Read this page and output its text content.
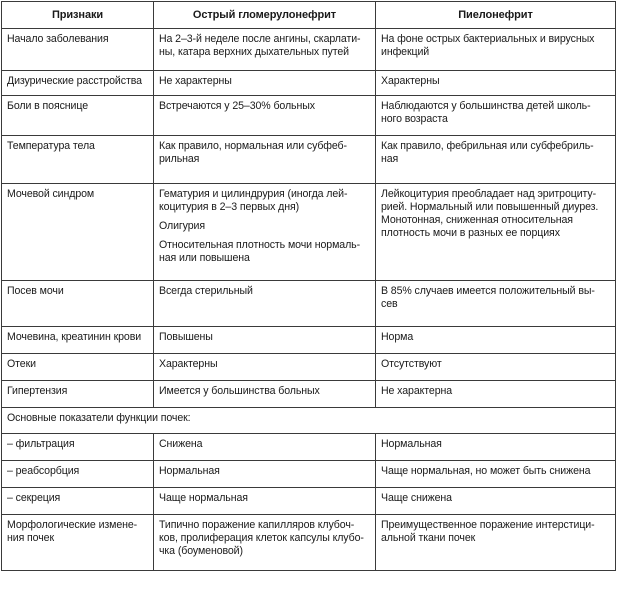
Признаки	Острый гломерулонефрит	Пиелонефрит
Начало заболевания	На 2–3-й неделе после ангины, скарлати-
ны, катара верхних дыхательных путей	На фоне острых бактериальных и вирусных
инфекций

Дизурические расстройства	Не характерны	Характерны
Боли в пояснице	Встречаются у 25–30% больных	Наблюдаются у большинства детей школь-
ного возраста

Температура тела	Как правило, нормальная или субфеб-
рильная	Как правило, фебрильная или субфебриль-
ная

Мочевой синдром	Гематурия и цилиндрурия (иногда лей-
коцитурия в 2–3 первых дня)
Олигурия
Относительная плотность мочи нормаль-
ная или повышена	Лейкоцитурия преобладает над эритроциту-
рией. Нормальный или повышенный диурез.
Монотонная, сниженная относительная
плотность мочи в разных ее порциях

Посев мочи	Всегда стерильный	В 85% случаев имеется положительный вы-
сев

Мочевина, креатинин крови	Повышены	Норма
Отеки	Характерны	Отсутствуют
Гипертензия	Имеется у большинства больных	Не характерна
Основные показатели функции почек:		
– фильтрация	Снижена	Нормальная
– реабсорбция	Нормальная	Чаще нормальная, но может быть снижена
– секреция	Чаще нормальная	Чаще снижена

Морфологические измене-
ния почек	Типично поражение капилляров клубоч-
ков, пролиферация клеток капсулы клубо-
чка (боуменовой)	Преимущественное поражение интерстици-
альной ткани почек
